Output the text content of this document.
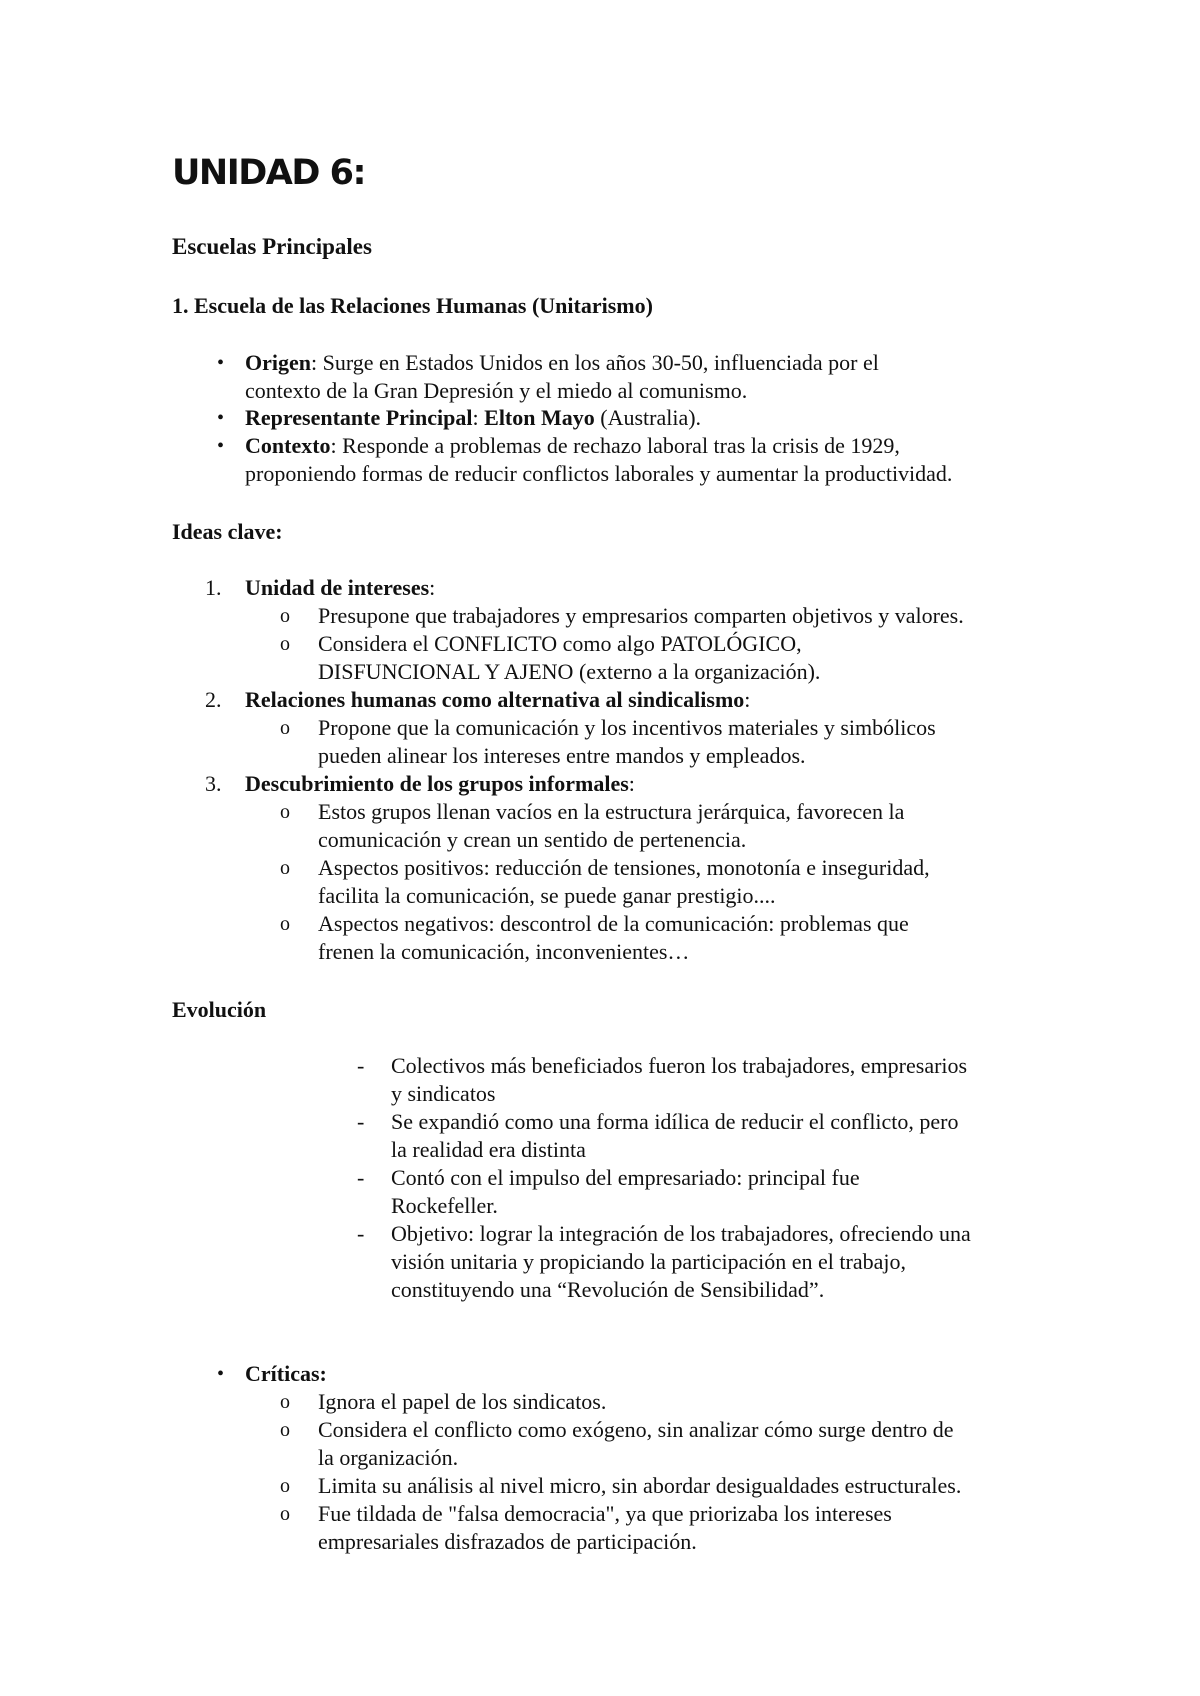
UNIDAD 6:
Escuelas Principales
1. Escuela de las Relaciones Humanas (Unitarismo)
• Origen: Surge en Estados Unidos en los años 30-50, influenciada por el
contexto de la Gran Depresión y el miedo al comunismo.
• Representante Principal: Elton Mayo (Australia).
• Contexto: Responde a problemas de rechazo laboral tras la crisis de 1929,
proponiendo formas de reducir conflictos laborales y aumentar la productividad.
Ideas clave:
1. Unidad de intereses:
o Presupone que trabajadores y empresarios comparten objetivos y valores.
o Considera el CONFLICTO como algo PATOLÓGICO,
DISFUNCIONAL Y AJENO (externo a la organización).
2. Relaciones humanas como alternativa al sindicalismo:
o Propone que la comunicación y los incentivos materiales y simbólicos
pueden alinear los intereses entre mandos y empleados.
3. Descubrimiento de los grupos informales:
o Estos grupos llenan vacíos en la estructura jerárquica, favorecen la
comunicación y crean un sentido de pertenencia.
o Aspectos positivos: reducción de tensiones, monotonía e inseguridad,
facilita la comunicación, se puede ganar prestigio....
o Aspectos negativos: descontrol de la comunicación: problemas que
frenen la comunicación, inconvenientes…
Evolución
- Colectivos más beneficiados fueron los trabajadores, empresarios
y sindicatos
- Se expandió como una forma idílica de reducir el conflicto, pero
la realidad era distinta
- Contó con el impulso del empresariado: principal fue
Rockefeller.
- Objetivo: lograr la integración de los trabajadores, ofreciendo una
visión unitaria y propiciando la participación en el trabajo,
constituyendo una “Revolución de Sensibilidad”.
• Críticas:
o Ignora el papel de los sindicatos.
o Considera el conflicto como exógeno, sin analizar cómo surge dentro de
la organización.
o Limita su análisis al nivel micro, sin abordar desigualdades estructurales.
o Fue tildada de "falsa democracia", ya que priorizaba los intereses
empresariales disfrazados de participación.
